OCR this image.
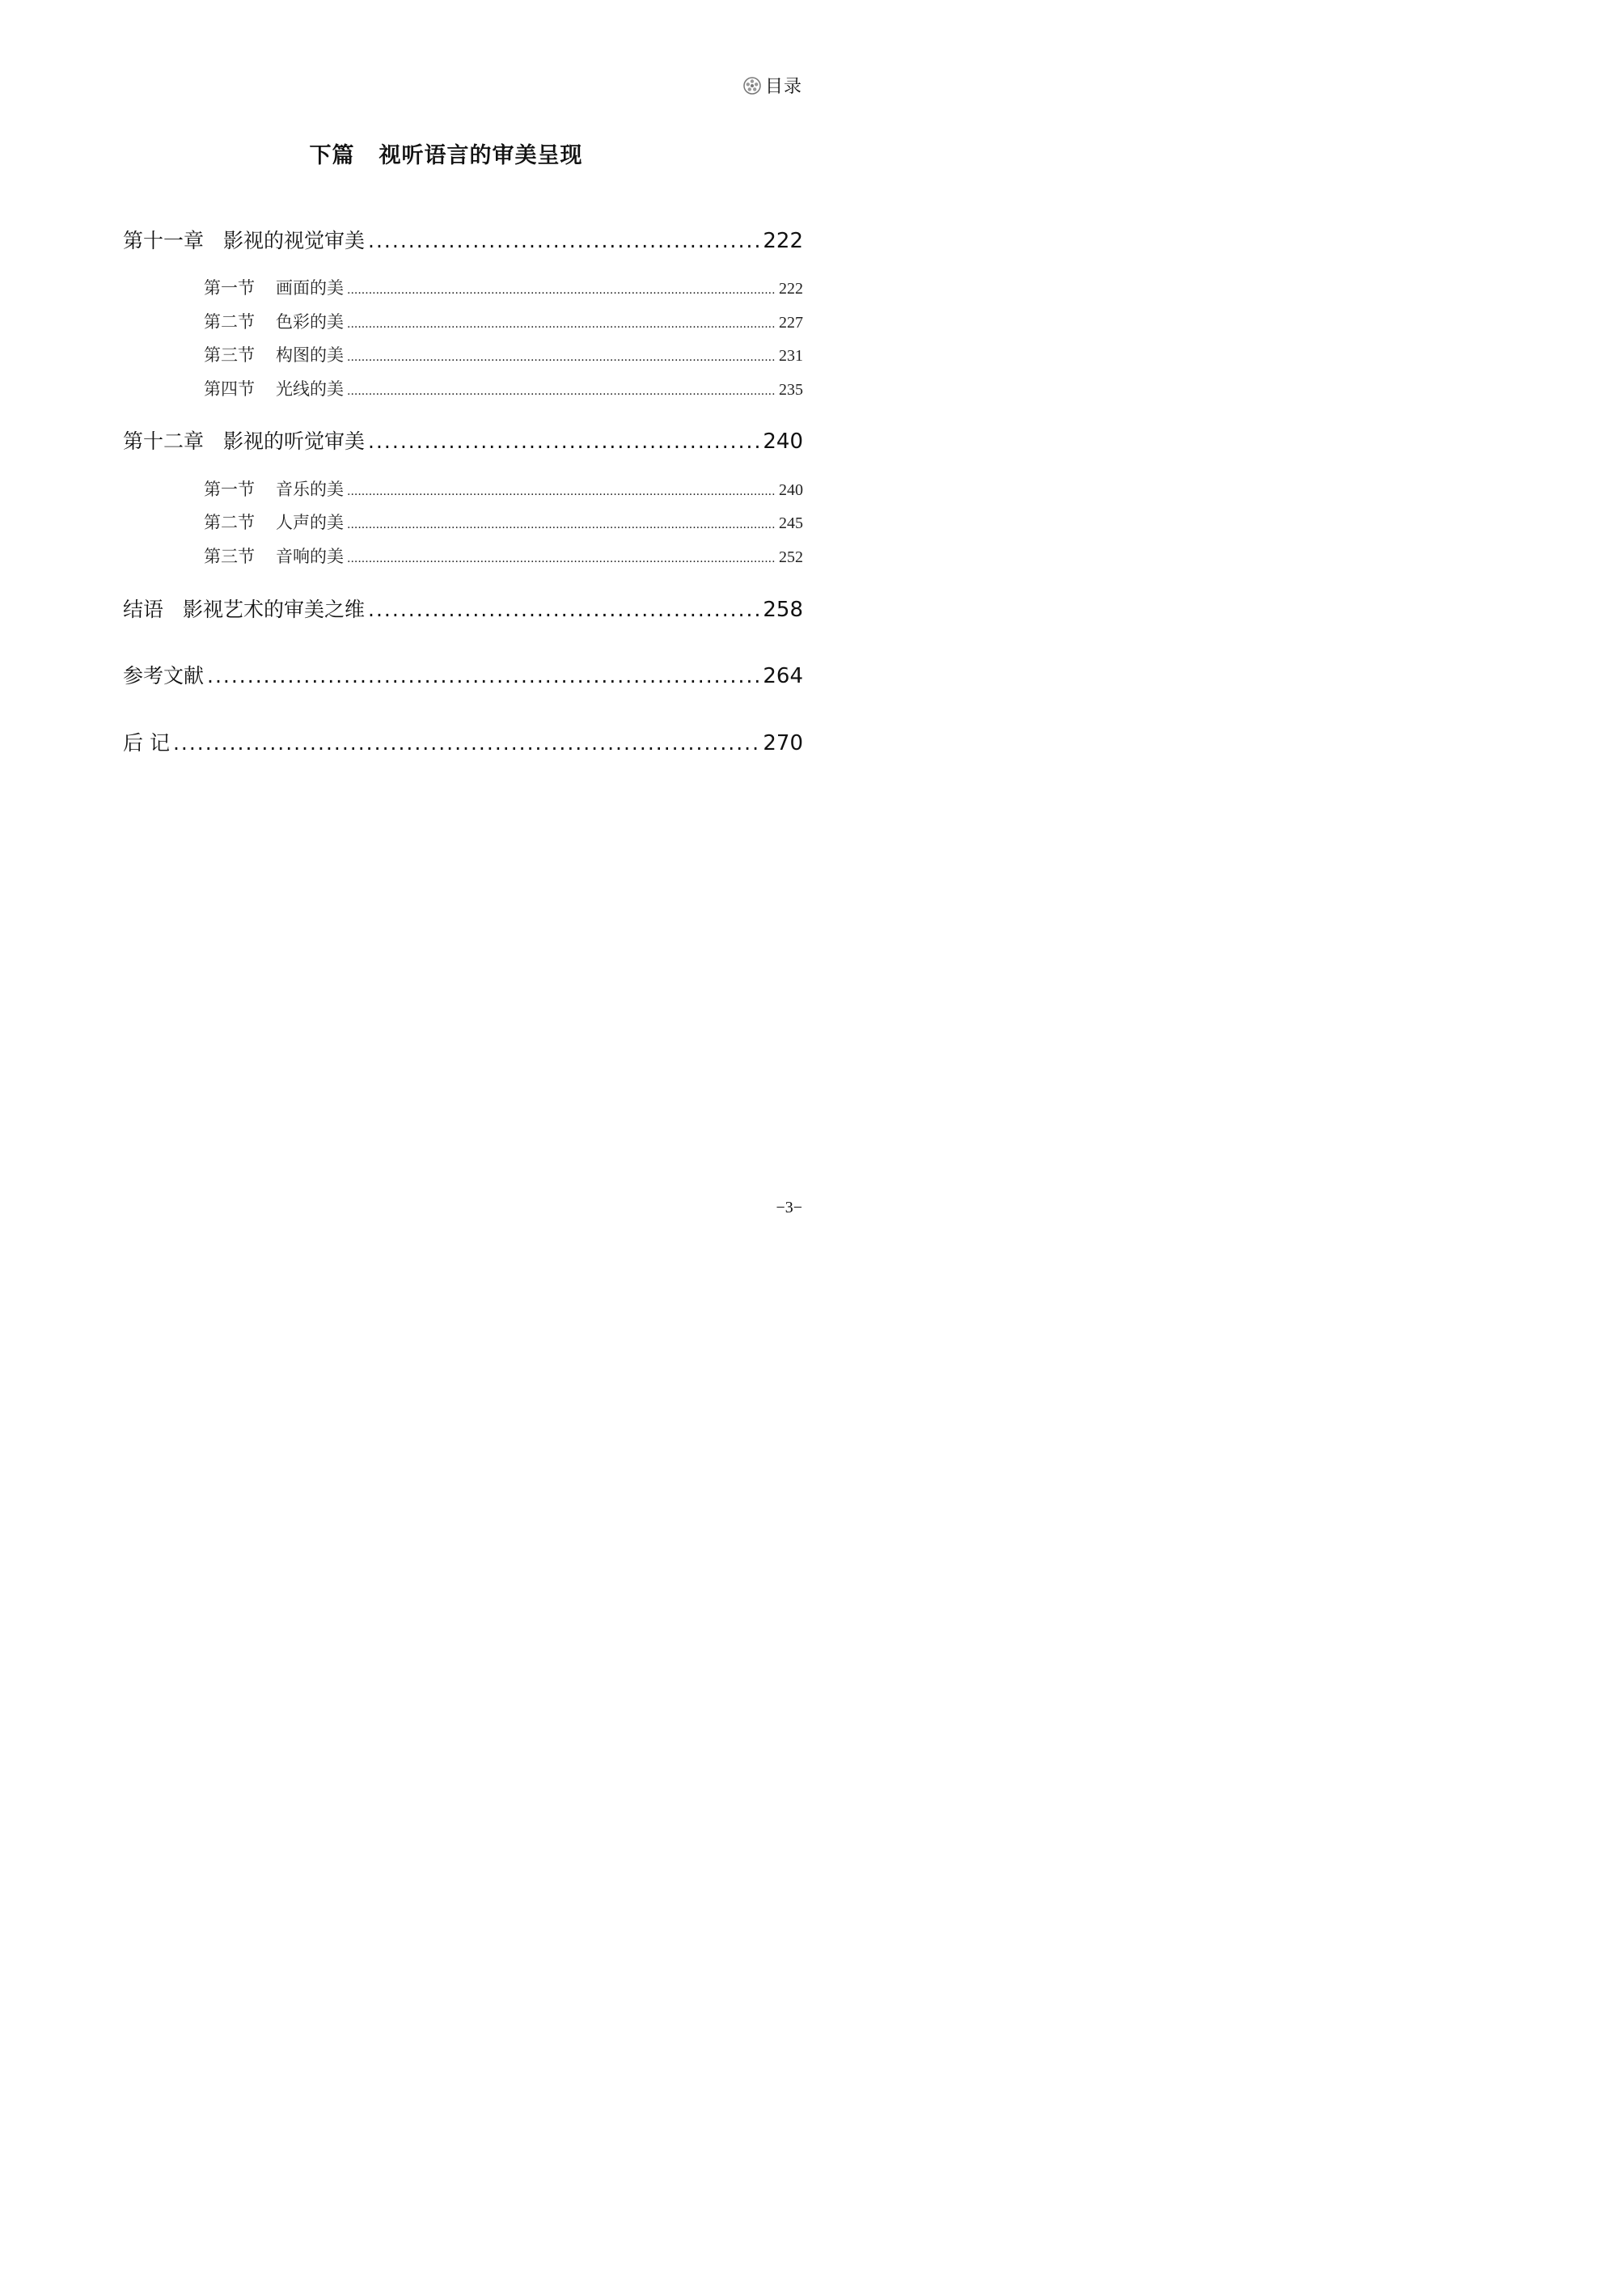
目录
下篇 视听语言的审美呈现
第十一章 影视的视觉审美 .....	222
第一节 画面的美 .....	222
第二节 色彩的美 .....	227
第三节 构图的美 .....	231
第四节 光线的美 .....	235
第十二章 影视的听觉审美 .....	240
第一节 音乐的美 .....	240
第二节 人声的美 .....	245
第三节 音响的美 .....	252
结语 影视艺术的审美之维 .....	258
参考文献 .....	264
后 记 .....	270
−3−
